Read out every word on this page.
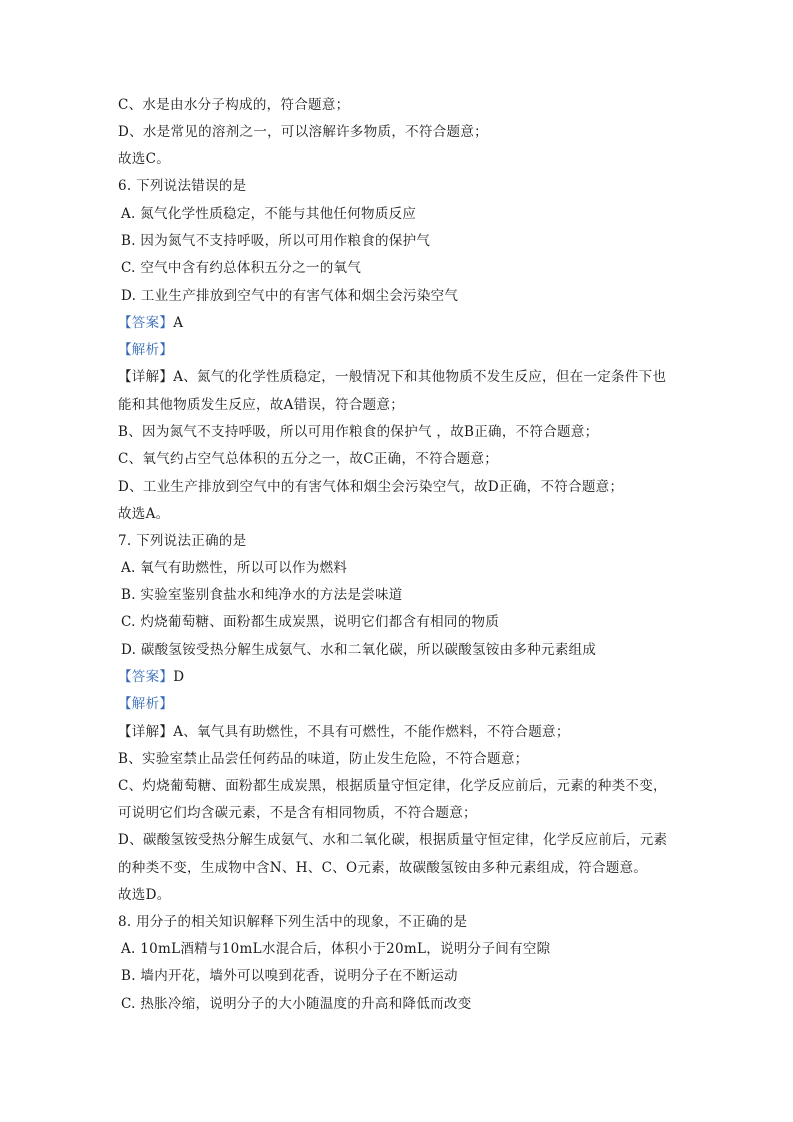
C、水是由水分子构成的，符合题意；
D、水是常见的溶剂之一，可以溶解许多物质，不符合题意；
故选C。
6. 下列说法错误的是
A. 氮气化学性质稳定，不能与其他任何物质反应
B. 因为氮气不支持呼吸，所以可用作粮食的保护气
C. 空气中含有约总体积五分之一的氧气
D. 工业生产排放到空气中的有害气体和烟尘会污染空气
【答案】A
【解析】
【详解】A、氮气的化学性质稳定，一般情况下和其他物质不发生反应，但在一定条件下也
能和其他物质发生反应，故A错误，符合题意；
B、因为氮气不支持呼吸，所以可用作粮食的保护气 ，故B正确，不符合题意；
C、氧气约占空气总体积的五分之一，故C正确，不符合题意；
D、工业生产排放到空气中的有害气体和烟尘会污染空气，故D正确，不符合题意；
故选A。
7. 下列说法正确的是
A. 氧气有助燃性，所以可以作为燃料
B. 实验室鉴别食盐水和纯净水的方法是尝味道
C. 灼烧葡萄糖、面粉都生成炭黑，说明它们都含有相同的物质
D. 碳酸氢铵受热分解生成氨气、水和二氧化碳，所以碳酸氢铵由多种元素组成
【答案】D
【解析】
【详解】A、氧气具有助燃性，不具有可燃性，不能作燃料，不符合题意；
B、实验室禁止品尝任何药品的味道，防止发生危险，不符合题意；
C、灼烧葡萄糖、面粉都生成炭黑，根据质量守恒定律，化学反应前后，元素的种类不变，
可说明它们均含碳元素，不是含有相同物质，不符合题意；
D、碳酸氢铵受热分解生成氨气、水和二氧化碳，根据质量守恒定律，化学反应前后，元素
的种类不变，生成物中含N、H、C、O元素，故碳酸氢铵由多种元素组成，符合题意。
故选D。
8. 用分子的相关知识解释下列生活中的现象，不正确的是
A. 10mL酒精与10mL水混合后，体积小于20mL，说明分子间有空隙
B. 墙内开花，墙外可以嗅到花香，说明分子在不断运动
C. 热胀冷缩，说明分子的大小随温度的升高和降低而改变
